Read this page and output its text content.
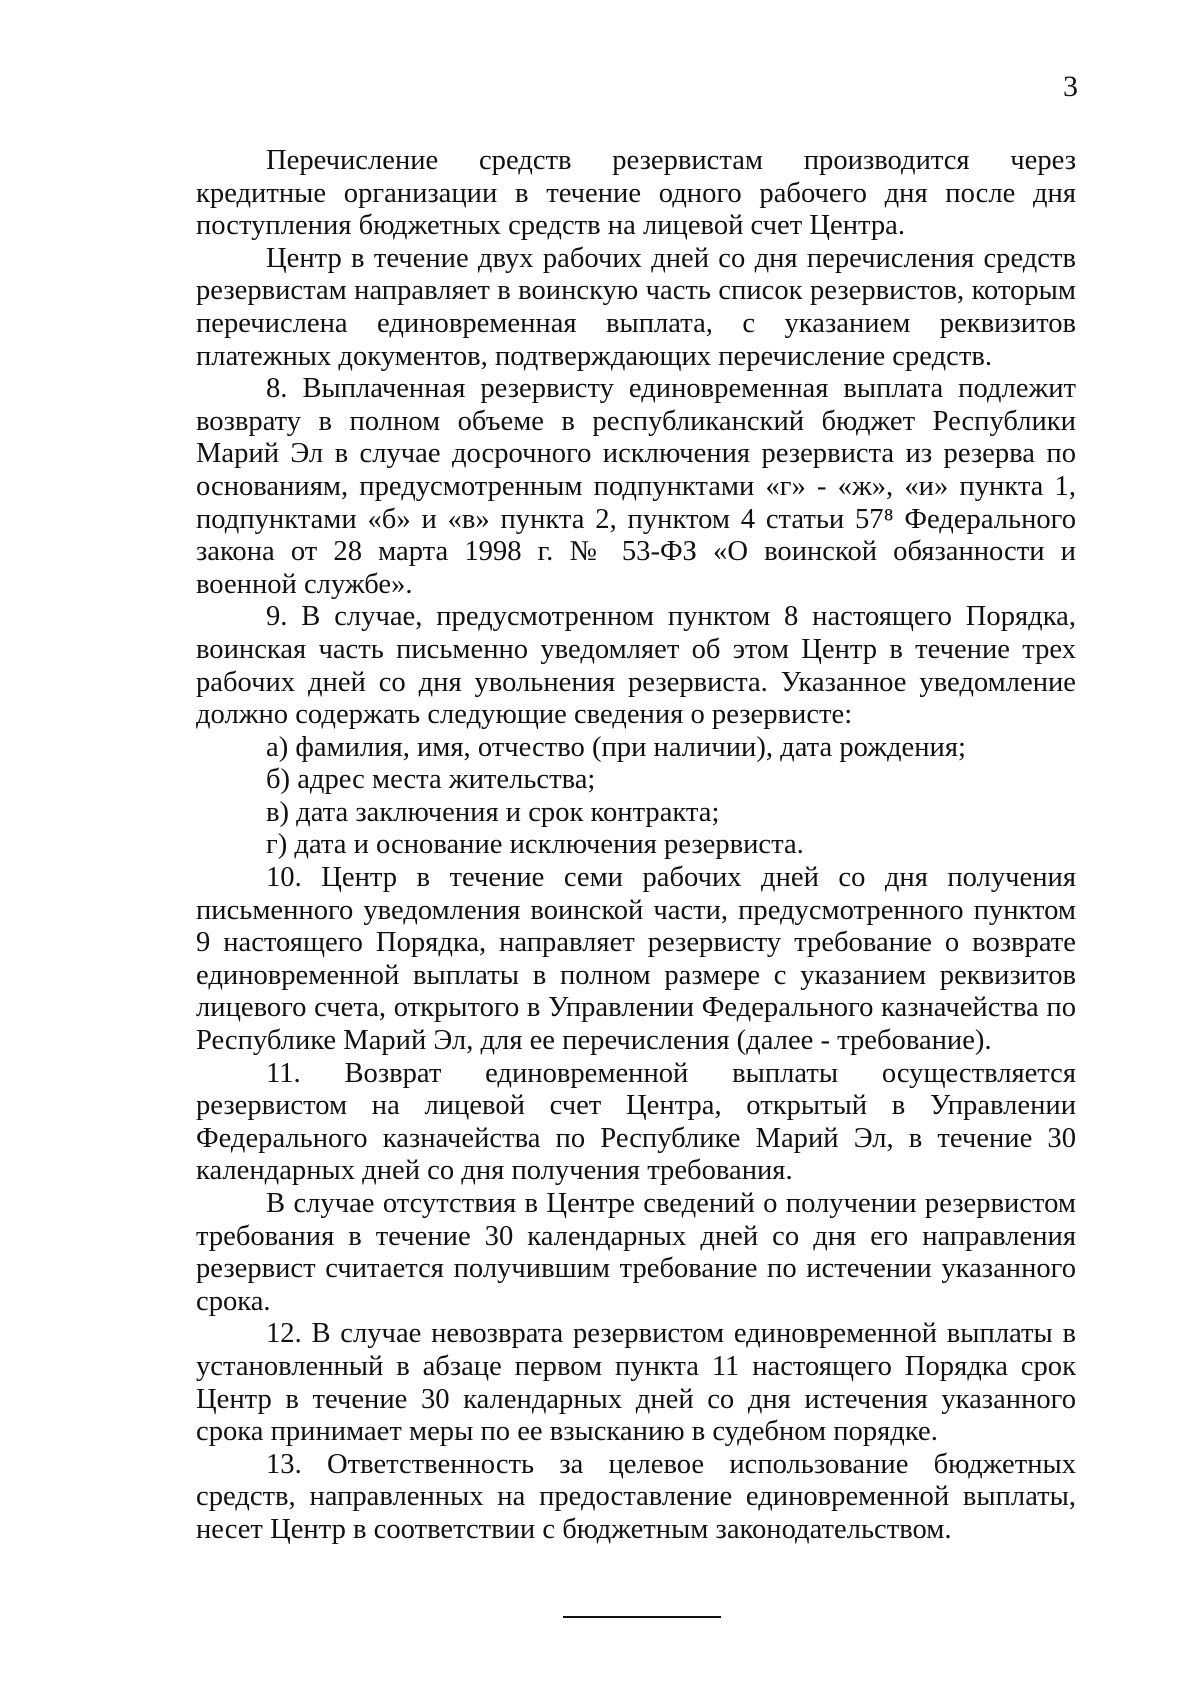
3

Перечисление средств резервистам производится через кредитные организации в течение одного рабочего дня после дня поступления бюджетных средств на лицевой счет Центра.

Центр в течение двух рабочих дней со дня перечисления средств резервистам направляет в воинскую часть список резервистов, которым перечислена единовременная выплата, с указанием реквизитов платежных документов, подтверждающих перечисление средств.

8. Выплаченная резервисту единовременная выплата подлежит возврату в полном объеме в республиканский бюджет Республики Марий Эл в случае досрочного исключения резервиста из резерва по основаниям, предусмотренным подпунктами «г» - «ж», «и» пункта 1, подпунктами «б» и «в» пункта 2, пунктом 4 статьи 57⁸ Федерального закона от 28 марта 1998 г. № 53-ФЗ «О воинской обязанности и военной службе».

9. В случае, предусмотренном пунктом 8 настоящего Порядка, воинская часть письменно уведомляет об этом Центр в течение трех рабочих дней со дня увольнения резервиста. Указанное уведомление должно содержать следующие сведения о резервисте:

а) фамилия, имя, отчество (при наличии), дата рождения;

б) адрес места жительства;

в) дата заключения и срок контракта;

г) дата и основание исключения резервиста.

10. Центр в течение семи рабочих дней со дня получения письменного уведомления воинской части, предусмотренного пунктом 9 настоящего Порядка, направляет резервисту требование о возврате единовременной выплаты в полном размере с указанием реквизитов лицевого счета, открытого в Управлении Федерального казначейства по Республике Марий Эл, для ее перечисления (далее - требование).

11. Возврат единовременной выплаты осуществляется резервистом на лицевой счет Центра, открытый в Управлении Федерального казначейства по Республике Марий Эл, в течение 30 календарных дней со дня получения требования.

В случае отсутствия в Центре сведений о получении резервистом требования в течение 30 календарных дней со дня его направления резервист считается получившим требование по истечении указанного срока.

12. В случае невозврата резервистом единовременной выплаты в установленный в абзаце первом пункта 11 настоящего Порядка срок Центр в течение 30 календарных дней со дня истечения указанного срока принимает меры по ее взысканию в судебном порядке.

13. Ответственность за целевое использование бюджетных средств, направленных на предоставление единовременной выплаты, несет Центр в соответствии с бюджетным законодательством.
